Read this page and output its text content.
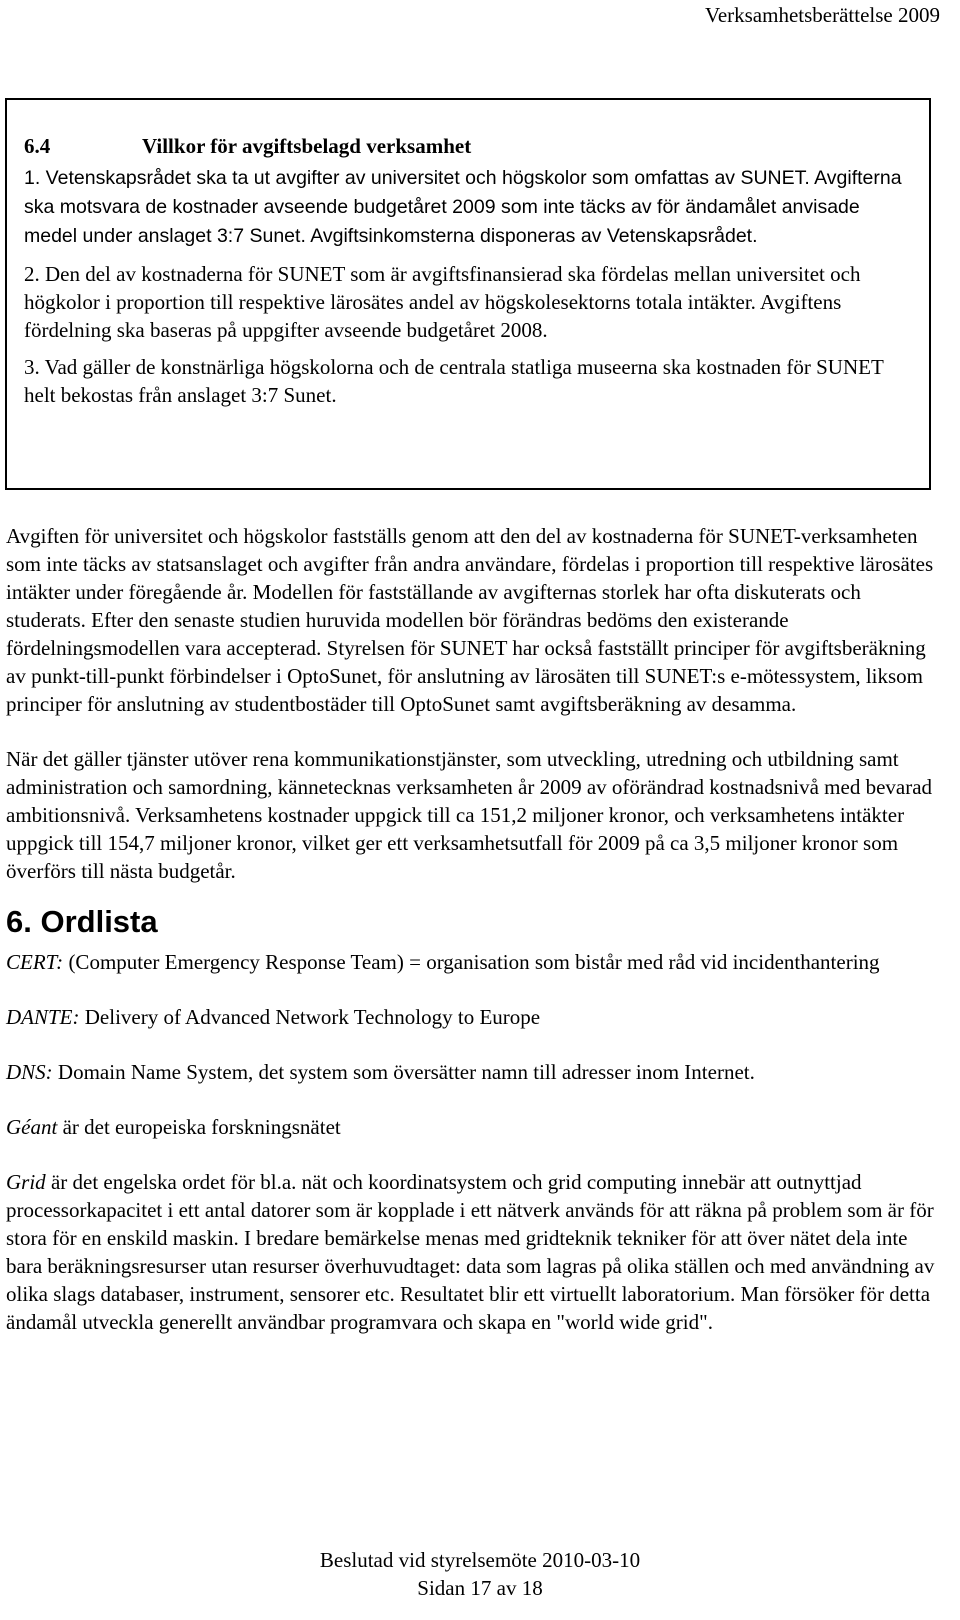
Verksamhetsberättelse 2009
6.4	Villkor för avgiftsbelagd verksamhet

1. Vetenskapsrådet ska ta ut avgifter av universitet och högskolor som omfattas av SUNET. Avgifterna ska motsvara de kostnader avseende budgetåret 2009 som inte täcks av för ändamålet anvisade medel under anslaget 3:7 Sunet. Avgiftsinkomsterna disponeras av Vetenskapsrådet.

2. Den del av kostnaderna för SUNET som är avgiftsfinansierad ska fördelas mellan universitet och högkolor i proportion till respektive lärosätes andel av högskolesektorns totala intäkter. Avgiftens fördelning ska baseras på uppgifter avseende budgetåret 2008.

3. Vad gäller de konstnärliga högskolorna och de centrala statliga museerna ska kostnaden för SUNET helt bekostas från anslaget 3:7 Sunet.

Avgiften för universitet och högskolor fastställs genom att den del av kostnaderna för SUNET-verksamheten som inte täcks av statsanslaget och avgifter från andra användare, fördelas i proportion till respektive lärosätes intäkter under föregående år. Modellen för fastställande av avgifternas storlek har ofta diskuterats och studerats. Efter den senaste studien huruvida modellen bör förändras bedöms den existerande fördelningsmodellen vara accepterad. Styrelsen för SUNET har också fastställt principer för avgiftsberäkning av punkt-till-punkt förbindelser i OptoSunet, för anslutning av lärosäten till SUNET:s e-mötessystem, liksom principer för anslutning av studentbostäder till OptoSunet samt avgiftsberäkning av desamma.

När det gäller tjänster utöver rena kommunikationstjänster, som utveckling, utredning och utbildning samt administration och samordning, kännetecknas verksamheten år 2009 av oförändrad kostnadsnivå med bevarad ambitionsnivå. Verksamhetens kostnader uppgick till ca 151,2 miljoner kronor, och verksamhetens intäkter uppgick till 154,7 miljoner kronor, vilket ger ett verksamhetsutfall för 2009 på ca 3,5 miljoner kronor som överförs till nästa budgetår.

6. Ordlista

CERT: (Computer Emergency Response Team) = organisation som bistår med råd vid incidenthantering

DANTE: Delivery of Advanced Network Technology to Europe

DNS: Domain Name System, det system som översätter namn till adresser inom Internet.

Géant är det europeiska forskningsnätet

Grid är det engelska ordet för bl.a. nät och koordinatsystem och grid computing innebär att outnyttjad processorkapacitet i ett antal datorer som är kopplade i ett nätverk används för att räkna på problem som är för stora för en enskild maskin. I bredare bemärkelse menas med gridteknik tekniker för att över nätet dela inte bara beräkningsresurser utan resurser överhuvudtaget: data som lagras på olika ställen och med användning av olika slags databaser, instrument, sensorer etc. Resultatet blir ett virtuellt laboratorium. Man försöker för detta ändamål utveckla generellt användbar programvara och skapa en "world wide grid".

Beslutad vid styrelsemöte 2010-03-10
Sidan 17 av 18
